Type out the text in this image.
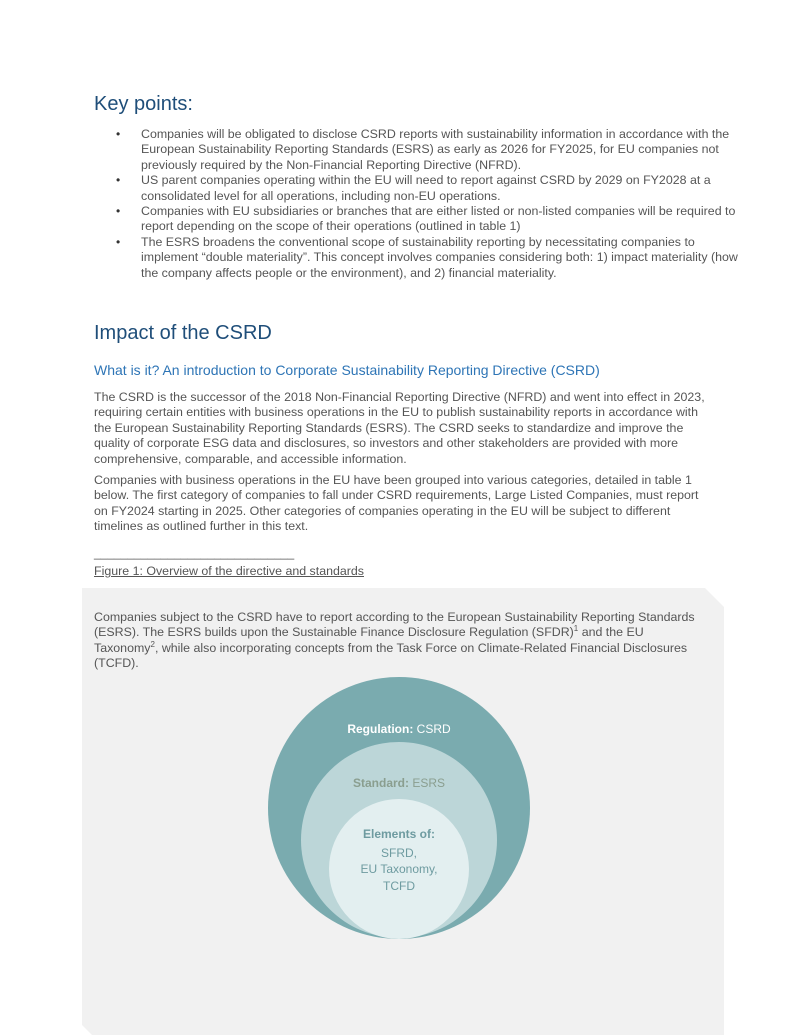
Key points:
• Companies will be obligated to disclose CSRD reports with sustainability information in accordance with the European Sustainability Reporting Standards (ESRS) as early as 2026 for FY2025, for EU companies not previously required by the Non-Financial Reporting Directive (NFRD).
• US parent companies operating within the EU will need to report against CSRD by 2029 on FY2028 at a consolidated level for all operations, including non-EU operations.
• Companies with EU subsidiaries or branches that are either listed or non-listed companies will be required to report depending on the scope of their operations (outlined in table 1)
• The ESRS broadens the conventional scope of sustainability reporting by necessitating companies to implement “double materiality”. This concept involves companies considering both: 1) impact materiality (how the company affects people or the environment), and 2) financial materiality.
Impact of the CSRD
What is it? An introduction to Corporate Sustainability Reporting Directive (CSRD)

The CSRD is the successor of the 2018 Non-Financial Reporting Directive (NFRD) and went into effect in 2023, requiring certain entities with business operations in the EU to publish sustainability reports in accordance with the European Sustainability Reporting Standards (ESRS). The CSRD seeks to standardize and improve the quality of corporate ESG data and disclosures, so investors and other stakeholders are provided with more comprehensive, comparable, and accessible information.

Companies with business operations in the EU have been grouped into various categories, detailed in table 1 below. The first category of companies to fall under CSRD requirements, Large Listed Companies, must report on FY2024 starting in 2025. Other categories of companies operating in the EU will be subject to different timelines as outlined further in this text.

______________________________

Figure 1: Overview of the directive and standards

Companies subject to the CSRD have to report according to the European Sustainability Reporting Standards (ESRS). The ESRS builds upon the Sustainable Finance Disclosure Regulation (SFDR)$^1$ and the EU Taxonomy$^2$, while also incorporating concepts from the Task Force on Climate-Related Financial Disclosures (TCFD).

Regulation: CSRD
Standard: ESRS
Elements of:
SFRD,
EU Taxonomy,
TCFD
